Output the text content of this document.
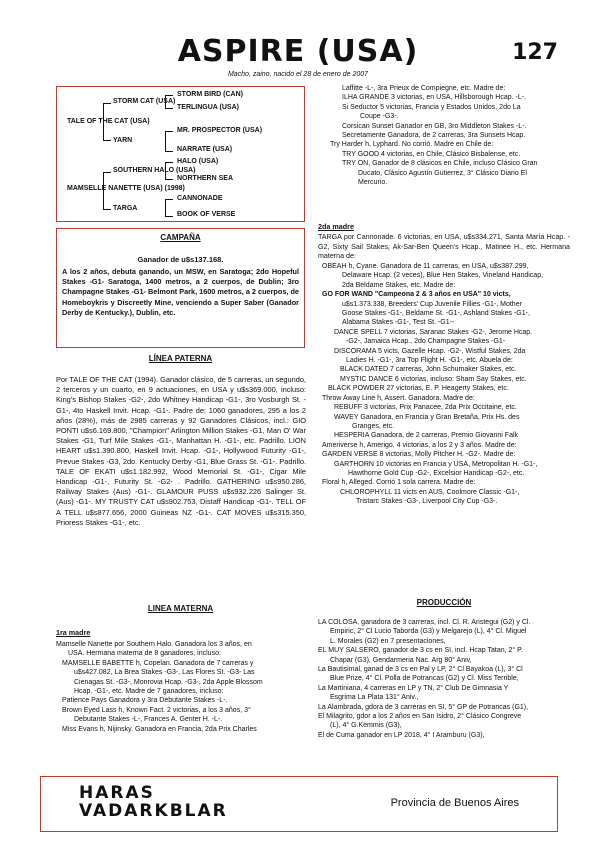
ASPIRE (USA)	127
Macho, zaino, nacido el 28 de enero de 2007
STORM BIRD (CAN)
TERLINGUA (USA)
STORM CAT (USA)
TALE OF THE CAT (USA)
YARN
MR. PROSPECTOR (USA)
NARRATE (USA)
HALO (USA)
NORTHERN SEA
SOUTHERN HALO (USA)
MAMSELLE NANETTE (USA) (1998)
TARGA
CANNONADE
BOOK OF VERSE
CAMPAÑA
Ganador de u$s137.168.
A los 2 años, debuta ganando, un MSW, en Saratoga; 2do Hopeful Stakes -G1- Saratoga, 1400 metros, a 2 cuerpos, de Dublin; 3ro Champagne Stakes -G1- Belmont Park, 1600 metros, a 2 cuerpos, de Homeboykris y Discreetly Mine, venciendo a Super Saber (Ganador Derby de Kentucky.), Dublin, etc.
LÍNEA PATERNA
Por TALE OF THE CAT (1994). Ganador clásico, de 5 carreras, un segundo, 2 terceros y un cuarto, en 9 actuaciones, en USA y u$s369.000, incluso: King's Bishop Stakes -G2-, 2do Whitney Handicap -G1-, 3ro Vosburgh St. -G1-, 4to Haskell Invit. Hcap. -G1-. Padre de: 1060 ganadores, 295 a los 2 años (28%), más de 2985 carreras y 92 Ganadores Clásicos, incl.: GIO PONTI u$s6.169.800, "Champion" Arlington Million Stakes -G1, Man O' War Stakes -G1, Turf Mile Stakes -G1-, Manhattan H. -G1-, etc. Padrillo. LION HEART u$s1.390.800, Haskell Invit. Hcap. -G1-, Hollywood Futurity -G1-, Prevue Stakes -G3, 2do. Kentucky Derby -G1, Blue Grass St. -G1-. Padrillo. TALE OF EKATI u$s1.182.992, Wood Memorial St. -G1-, Cigar Mile Handicap -G1-, Futurity St. -G2- . Padrillo. GATHERING u$s950.286, Railway Stakes (Aus) -G1-. GLAMOUR PUSS u$s932.226 Salinger St. (Aus) -G1-. MY TRUSTY CAT u$s902.753, Distaff Handicap -G1-. TELL OF A TELL u$s877.656, 2000 Guineas NZ -G1-. CAT MOVES u$s315.350, Prioress Stakes -G1-, etc.
LINEA MATERNA
1ra madre
Mamselle Nanette por Southern Halo. Ganadora los 3 años, en
USA. Hermana materna de 8 ganadores, incluso:
MAMSELLE BABETTE h, Copelan. Ganadora de 7 carreras y
u$s427.082, La Brea Stakes -G3-, Las Flores St. -G3- Las
Cienagas St. -G3-, Monrovia Hcap. -G3-, 2da Apple Blossom
Hcap. -G1-, etc. Madre de 7 ganadores, incluso:
Patience Pays Ganadora y 3ra Debutante Stakes -L-.
Brown Eyed Lass h, Known Fact. 2 victorias, a los 3 años, 3°
Debutante Stakes -L-, Frances A. Genter H. -L-.
Miss Evans h, Nijinsky. Ganadora en Francia, 2da Prix Charles
Laffitte -L-, 3ra Prieux de Compiegne, etc. Madre de:
ILHA GRANDE 3 victorias, en USA, Hillsborough Hcap. -L-.
Si Seductor 5 victorias, Francia y Estados Unidos, 2do La
Coupe -G3-.
Corsican Sunset Ganador en GB, 3ro Middleton Stakes -L-.
Secretamente Ganadora, de 2 carreras, 3ra Sunsets Hcap.
Try Harder h, Lyphard. No corrió. Madre en Chile de:
TRY GOOD 4 victorias, en Chile, Clásico Bisbalense, etc.
TRY ON, Ganador de 8 clásicos en Chile, incluso Clásico Gran
Ducato, Clásico Agustín Gutierrez, 3° Clásico Diario El
Mercurio.
2da madre
TARGA por Cannonade. 6 victorias, en USA, u$s334.271, Santa María Hcap. -G2, Sixty Sail Stakes, Ak-Sar-Ben Queen's Hcap., Matinee H., etc. Hermana materna de:
OBEAH h, Cyane. Ganadora de 11 carreras, en USA, u$s387.299,
Delaware Hcap. (2 veces), Blue Hen Stakes, Vineland Handicap,
2da Beldame Stakes, etc. Madre de:
GO FOR WAND "Campeona 2 & 3 años en USA" 10 victs,
u$s1.373.338, Breeders' Cup Juvenile Fillies -G1-, Mother
Goose Stakes -G1-, Beldame St. -G1-, Ashland Stakes -G1-,
Alabama Stakes -G1-, Test St. -G1--
DANCE SPELL 7 victorias, Saranac Stakes -G2-, Jerome Hcap.
-G2-, Jamaica Hcap., 2do Champagne Stakes -G1-
DISCORAMA 5 victs, Gazelle Hcap. -G2-, Wistful Stakes, 2da
Ladies H. -G1-, 3ra Top Flight H. -G1-, etc. Abuela de:
BLACK DATED 7 carreras, John Schumaker Stakes, etc.
MYSTIC DANCE 6 victorias, incluso: Sham Say Stakes, etc.
BLACK POWDER 27 victorias, E. P. Heagerty Stakes, etc.
Throw Away Line h, Assert. Ganadora. Madre de:
REBUFF 3 victorias, Prix Panacee, 2da Prix Occitaine, etc.
WAVEY Ganadora, en Francia y Gran Bretaña, Prix Hs. des
Granges, etc.
HESPERIA Ganadora, de 2 carreras, Premio Giovanni Falk
Ameriverse h, Amerigo. 4 victorias, a los 2 y 3 años. Madre de:
GARDEN VERSE 8 victorias, Molly Pitcher H. -G2-. Madre de:
GARTHORN 10 victorias en Francia y USA, Metropolitan H. -G1-,
Hawthorne Gold Cup -G2-, Excelsior Handicap -G2-, etc.
Floral h, Alleged. Corrió 1 sola carrera. Madre de:
CHLOROPHYLL 11 victs en AUS, Coolmore Classic -G1-,
Tristarc Stakes -G3-, Liverpool City Cup -G3-.
PRODUCCIÓN
LA COLOSA, ganadora de 3 carreras, incl. Cl. R. Aristegui (G2) y Cl.
Empiric, 2° Cl Lucio Taborda (G3) y Melgarejo (L), 4° Cl. Miguel
L. Morales (G2) en 7 presentaciones,
EL MUY SALSERO, ganador de 3 cs en SI, incl. Hcap Tatan, 2° P.
Chapar (G3), Gendarmeria Nac. Arg 80° Aniv,
La Bautisimal, ganad de 3 cs en Pal y LP, 2° Cl Bayakoa (L), 3° Cl
Blue Prize, 4° Cl. Polla de Potrancas (G2) y Cl. Miss Terrible,
La Martiniana, 4 carreras en LP y TN, 2° Club De Gimnasia Y
Esgrima La Plata 131° Aniv.,
La Alambrada, gdora de 3 carreras en SI, 5° GP de Potrancas (G1),
El Milagrito, gdor a los 2 años en San Isidro, 2° Clásico Congreve
(L), 4° G.Kemmis (G3),
El de Cuma ganador en LP 2018, 4° I Aramburu (G3),
HARAS
VADARKBLAR	Provincia de Buenos Aires
